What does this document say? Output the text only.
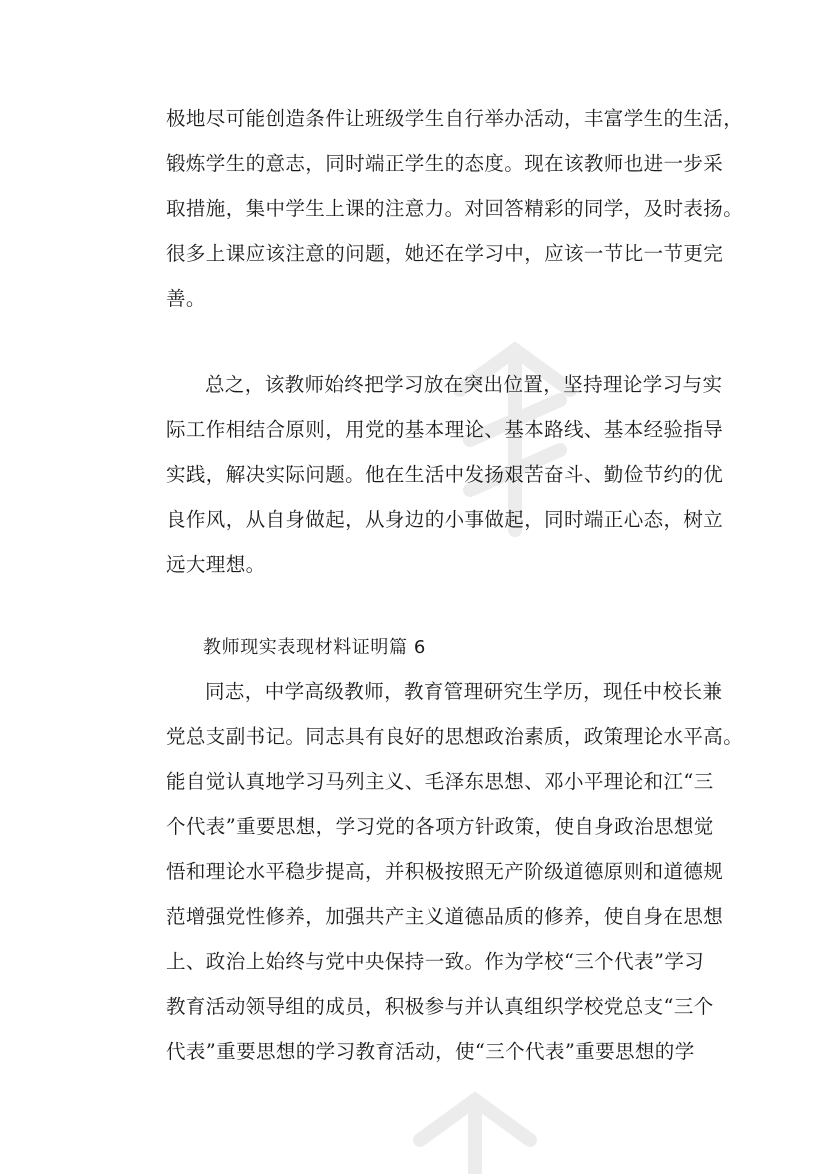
极地尽可能创造条件让班级学生自行举办活动，丰富学生的生活，
锻炼学生的意志，同时端正学生的态度。现在该教师也进一步采
取措施，集中学生上课的注意力。对回答精彩的同学，及时表扬。
很多上课应该注意的问题，她还在学习中，应该一节比一节更完
善。
总之，该教师始终把学习放在突出位置，坚持理论学习与实
际工作相结合原则，用党的基本理论、基本路线、基本经验指导
实践，解决实际问题。他在生活中发扬艰苦奋斗、勤俭节约的优
良作风，从自身做起，从身边的小事做起，同时端正心态，树立
远大理想。
教师现实表现材料证明篇 6
同志，中学高级教师，教育管理研究生学历，现任中校长兼
党总支副书记。同志具有良好的思想政治素质，政策理论水平高。
能自觉认真地学习马列主义、毛泽东思想、邓小平理论和江“三
个代表”重要思想，学习党的各项方针政策，使自身政治思想觉
悟和理论水平稳步提高，并积极按照无产阶级道德原则和道德规
范增强党性修养，加强共产主义道德品质的修养，使自身在思想
上、政治上始终与党中央保持一致。作为学校“三个代表”学习
教育活动领导组的成员，积极参与并认真组织学校党总支“三个
代表”重要思想的学习教育活动，使“三个代表”重要思想的学
